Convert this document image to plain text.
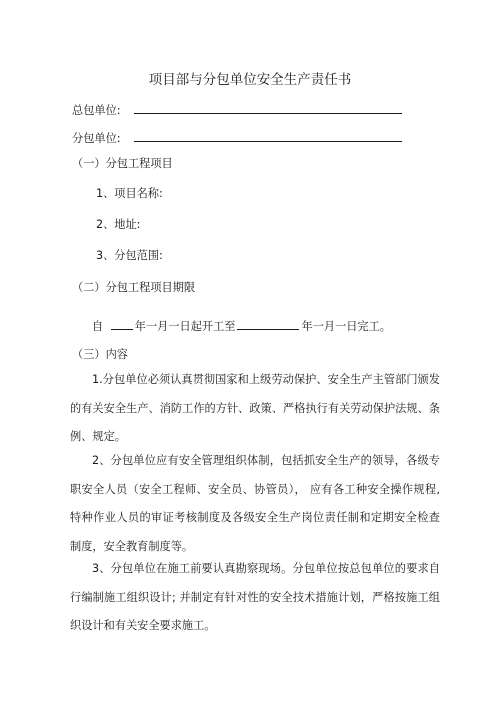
项目部与分包单位安全生产责任书
总包单位:
分包单位:
（一）分包工程项目
1、项目名称:
2、地址:
3、分包范围:
（二）分包工程项目期限
自	年一月一日起开工至	年一月一日完工。
（三）内容
1.分包单位必须认真贯彻国家和上级劳动保护、安全生产主管部门颁发
的有关安全生产、消防工作的方针、政策、严格执行有关劳动保护法规、条
例、规定。
2、分包单位应有安全管理组织体制，包括抓安全生产的领导，各级专
职安全人员（安全工程师、安全员、协管员）， 应有各工种安全操作规程,
特种作业人员的审证考核制度及各级安全生产岗位责任制和定期安全检查
制度，安全教育制度等。
3、分包单位在施工前要认真勘察现场。分包单位按总包单位的要求自
行编制施工组织设计; 并制定有针对性的安全技术措施计划，严格按施工组
织设计和有关安全要求施工。
